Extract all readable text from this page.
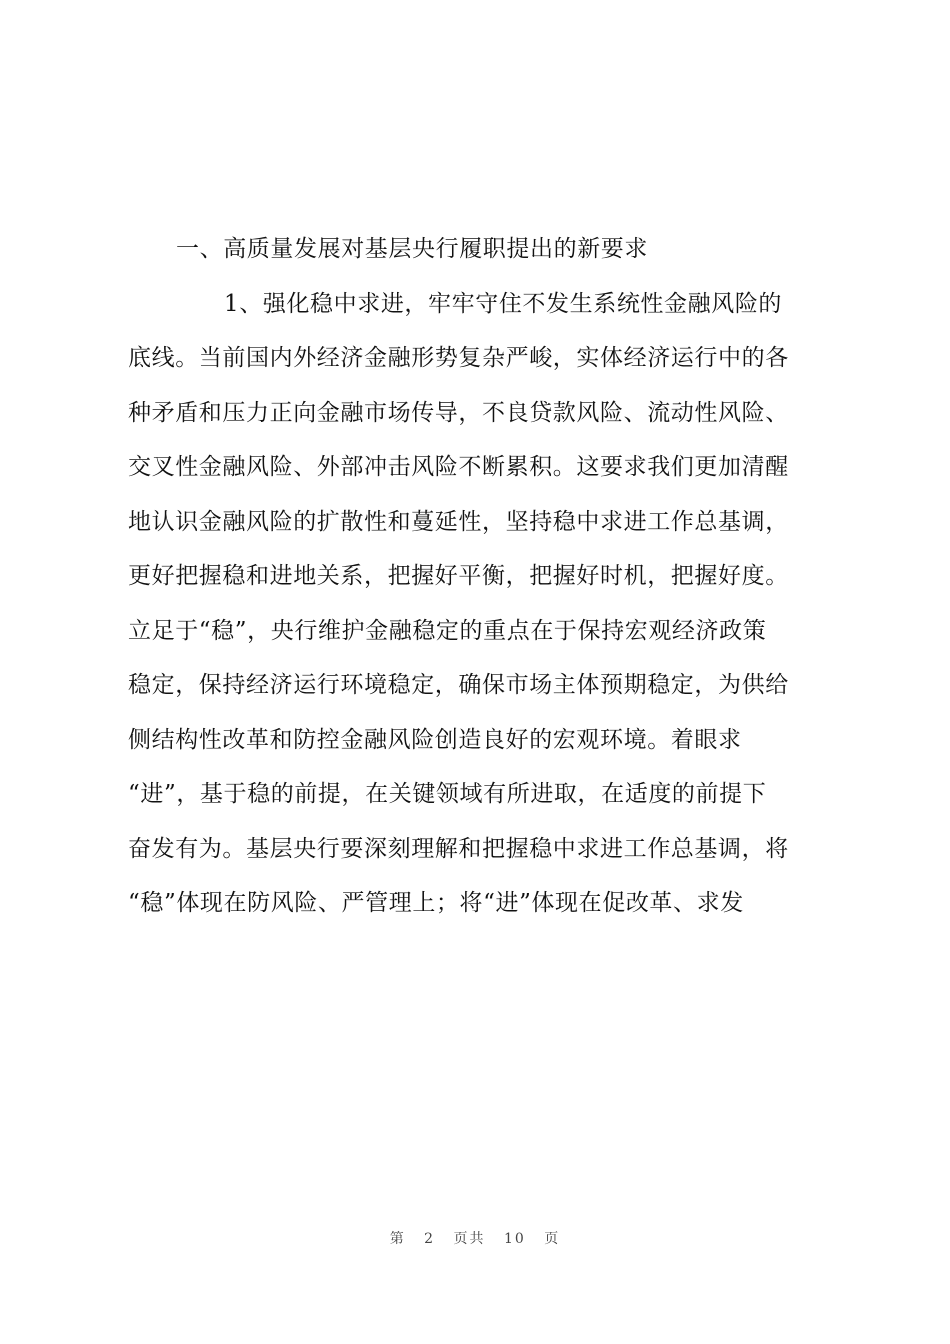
一、高质量发展对基层央行履职提出的新要求
1、强化稳中求进，牢牢守住不发生系统性金融风险的
底线。当前国内外经济金融形势复杂严峻，实体经济运行中的各
种矛盾和压力正向金融市场传导，不良贷款风险、流动性风险、
交叉性金融风险、外部冲击风险不断累积。这要求我们更加清醒
地认识金融风险的扩散性和蔓延性，坚持稳中求进工作总基调，
更好把握稳和进地关系，把握好平衡，把握好时机，把握好度。
立足于“稳”，央行维护金融稳定的重点在于保持宏观经济政策
稳定，保持经济运行环境稳定，确保市场主体预期稳定，为供给
侧结构性改革和防控金融风险创造良好的宏观环境。着眼求
“进”，基于稳的前提，在关键领域有所进取，在适度的前提下
奋发有为。基层央行要深刻理解和把握稳中求进工作总基调，将
“稳”体现在防风险、严管理上；将“进”体现在促改革、求发
第 2 页共 10 页
